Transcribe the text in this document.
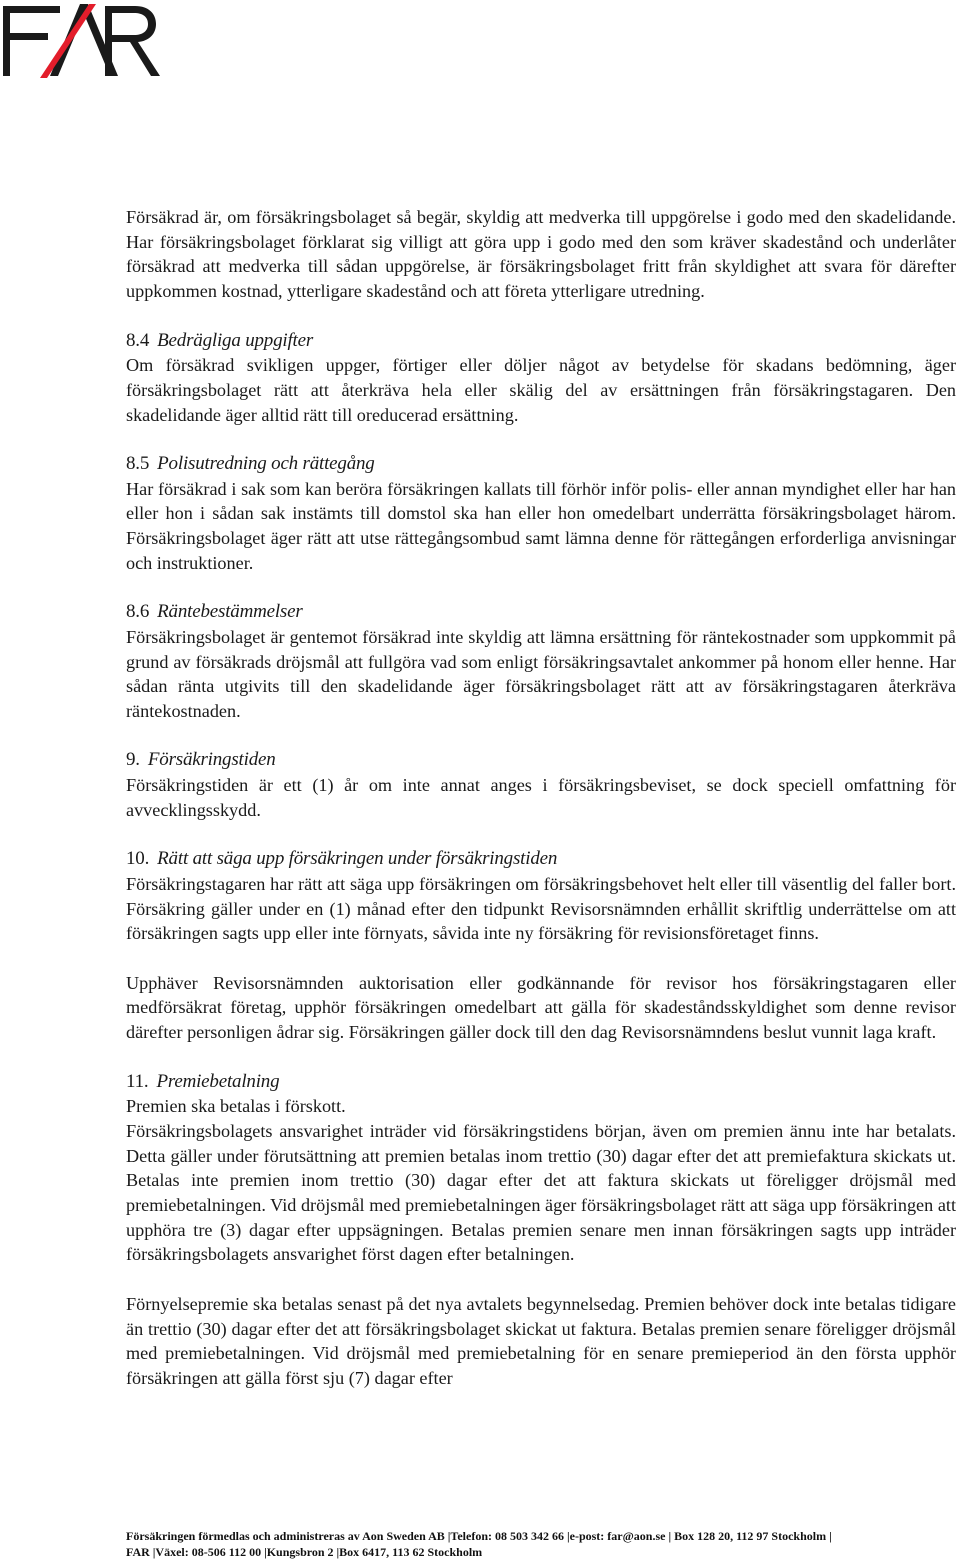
Försäkrad är, om försäkringsbolaget så begär, skyldig att medverka till uppgörelse i godo med den skadelidande. Har försäkringsbolaget förklarat sig villigt att göra upp i godo med den som kräver skadestånd och underlåter försäkrad att medverka till sådan uppgörelse, är försäkringsbolaget fritt från skyldighet att svara för därefter uppkommen kostnad, ytterligare skadestånd och att företa ytterligare utredning.

8.4 Bedrägliga uppgifter

Om försäkrad svikligen uppger, förtiger eller döljer något av betydelse för skadans bedömning, äger försäkringsbolaget rätt att återkräva hela eller skälig del av ersättningen från försäkringstagaren. Den skadelidande äger alltid rätt till oreducerad ersättning.

8.5 Polisutredning och rättegång

Har försäkrad i sak som kan beröra försäkringen kallats till förhör inför polis- eller annan myndighet eller har han eller hon i sådan sak instämts till domstol ska han eller hon omedelbart underrätta försäkringsbolaget härom. Försäkringsbolaget äger rätt att utse rättegångsombud samt lämna denne för rättegången erforderliga anvisningar och instruktioner.

8.6 Räntebestämmelser

Försäkringsbolaget är gentemot försäkrad inte skyldig att lämna ersättning för räntekostnader som uppkommit på grund av försäkrads dröjsmål att fullgöra vad som enligt försäkringsavtalet ankommer på honom eller henne. Har sådan ränta utgivits till den skadelidande äger försäkringsbolaget rätt att av försäkringstagaren återkräva räntekostnaden.

9. Försäkringstiden

Försäkringstiden är ett (1) år om inte annat anges i försäkringsbeviset, se dock speciell omfattning för avvecklingsskydd.

10. Rätt att säga upp försäkringen under försäkringstiden

Försäkringstagaren har rätt att säga upp försäkringen om försäkringsbehovet helt eller till väsentlig del faller bort. Försäkring gäller under en (1) månad efter den tidpunkt Revisorsnämnden erhållit skriftlig underrättelse om att försäkringen sagts upp eller inte förnyats, såvida inte ny försäkring för revisionsföretaget finns.

Upphäver Revisorsnämnden auktorisation eller godkännande för revisor hos försäkringstagaren eller medförsäkrat företag, upphör försäkringen omedelbart att gälla för skadeståndsskyldighet som denne revisor därefter personligen ådrar sig. Försäkringen gäller dock till den dag Revisorsnämndens beslut vunnit laga kraft.

11. Premiebetalning

Premien ska betalas i förskott.

Försäkringsbolagets ansvarighet inträder vid försäkringstidens början, även om premien ännu inte har betalats. Detta gäller under förutsättning att premien betalas inom trettio (30) dagar efter det att premiefaktura skickats ut. Betalas inte premien inom trettio (30) dagar efter det att faktura skickats ut föreligger dröjsmål med premiebetalningen. Vid dröjsmål med premiebetalningen äger försäkringsbolaget rätt att säga upp försäkringen att upphöra tre (3) dagar efter uppsägningen. Betalas premien senare men innan försäkringen sagts upp inträder försäkringsbolagets ansvarighet först dagen efter betalningen.

Förnyelsepremie ska betalas senast på det nya avtalets begynnelsedag. Premien behöver dock inte betalas tidigare än trettio (30) dagar efter det att försäkringsbolaget skickat ut faktura. Betalas premien senare föreligger dröjsmål med premiebetalningen. Vid dröjsmål med premiebetalning för en senare premieperiod än den första upphör försäkringen att gälla först sju (7) dagar efter

Försäkringen förmedlas och administreras av Aon Sweden AB |Telefon: 08 503 342 66 |e-post: far@aon.se | Box 128 20, 112 97 Stockholm |
FAR |Växel: 08-506 112 00 |Kungsbron 2 |Box 6417, 113 62 Stockholm
